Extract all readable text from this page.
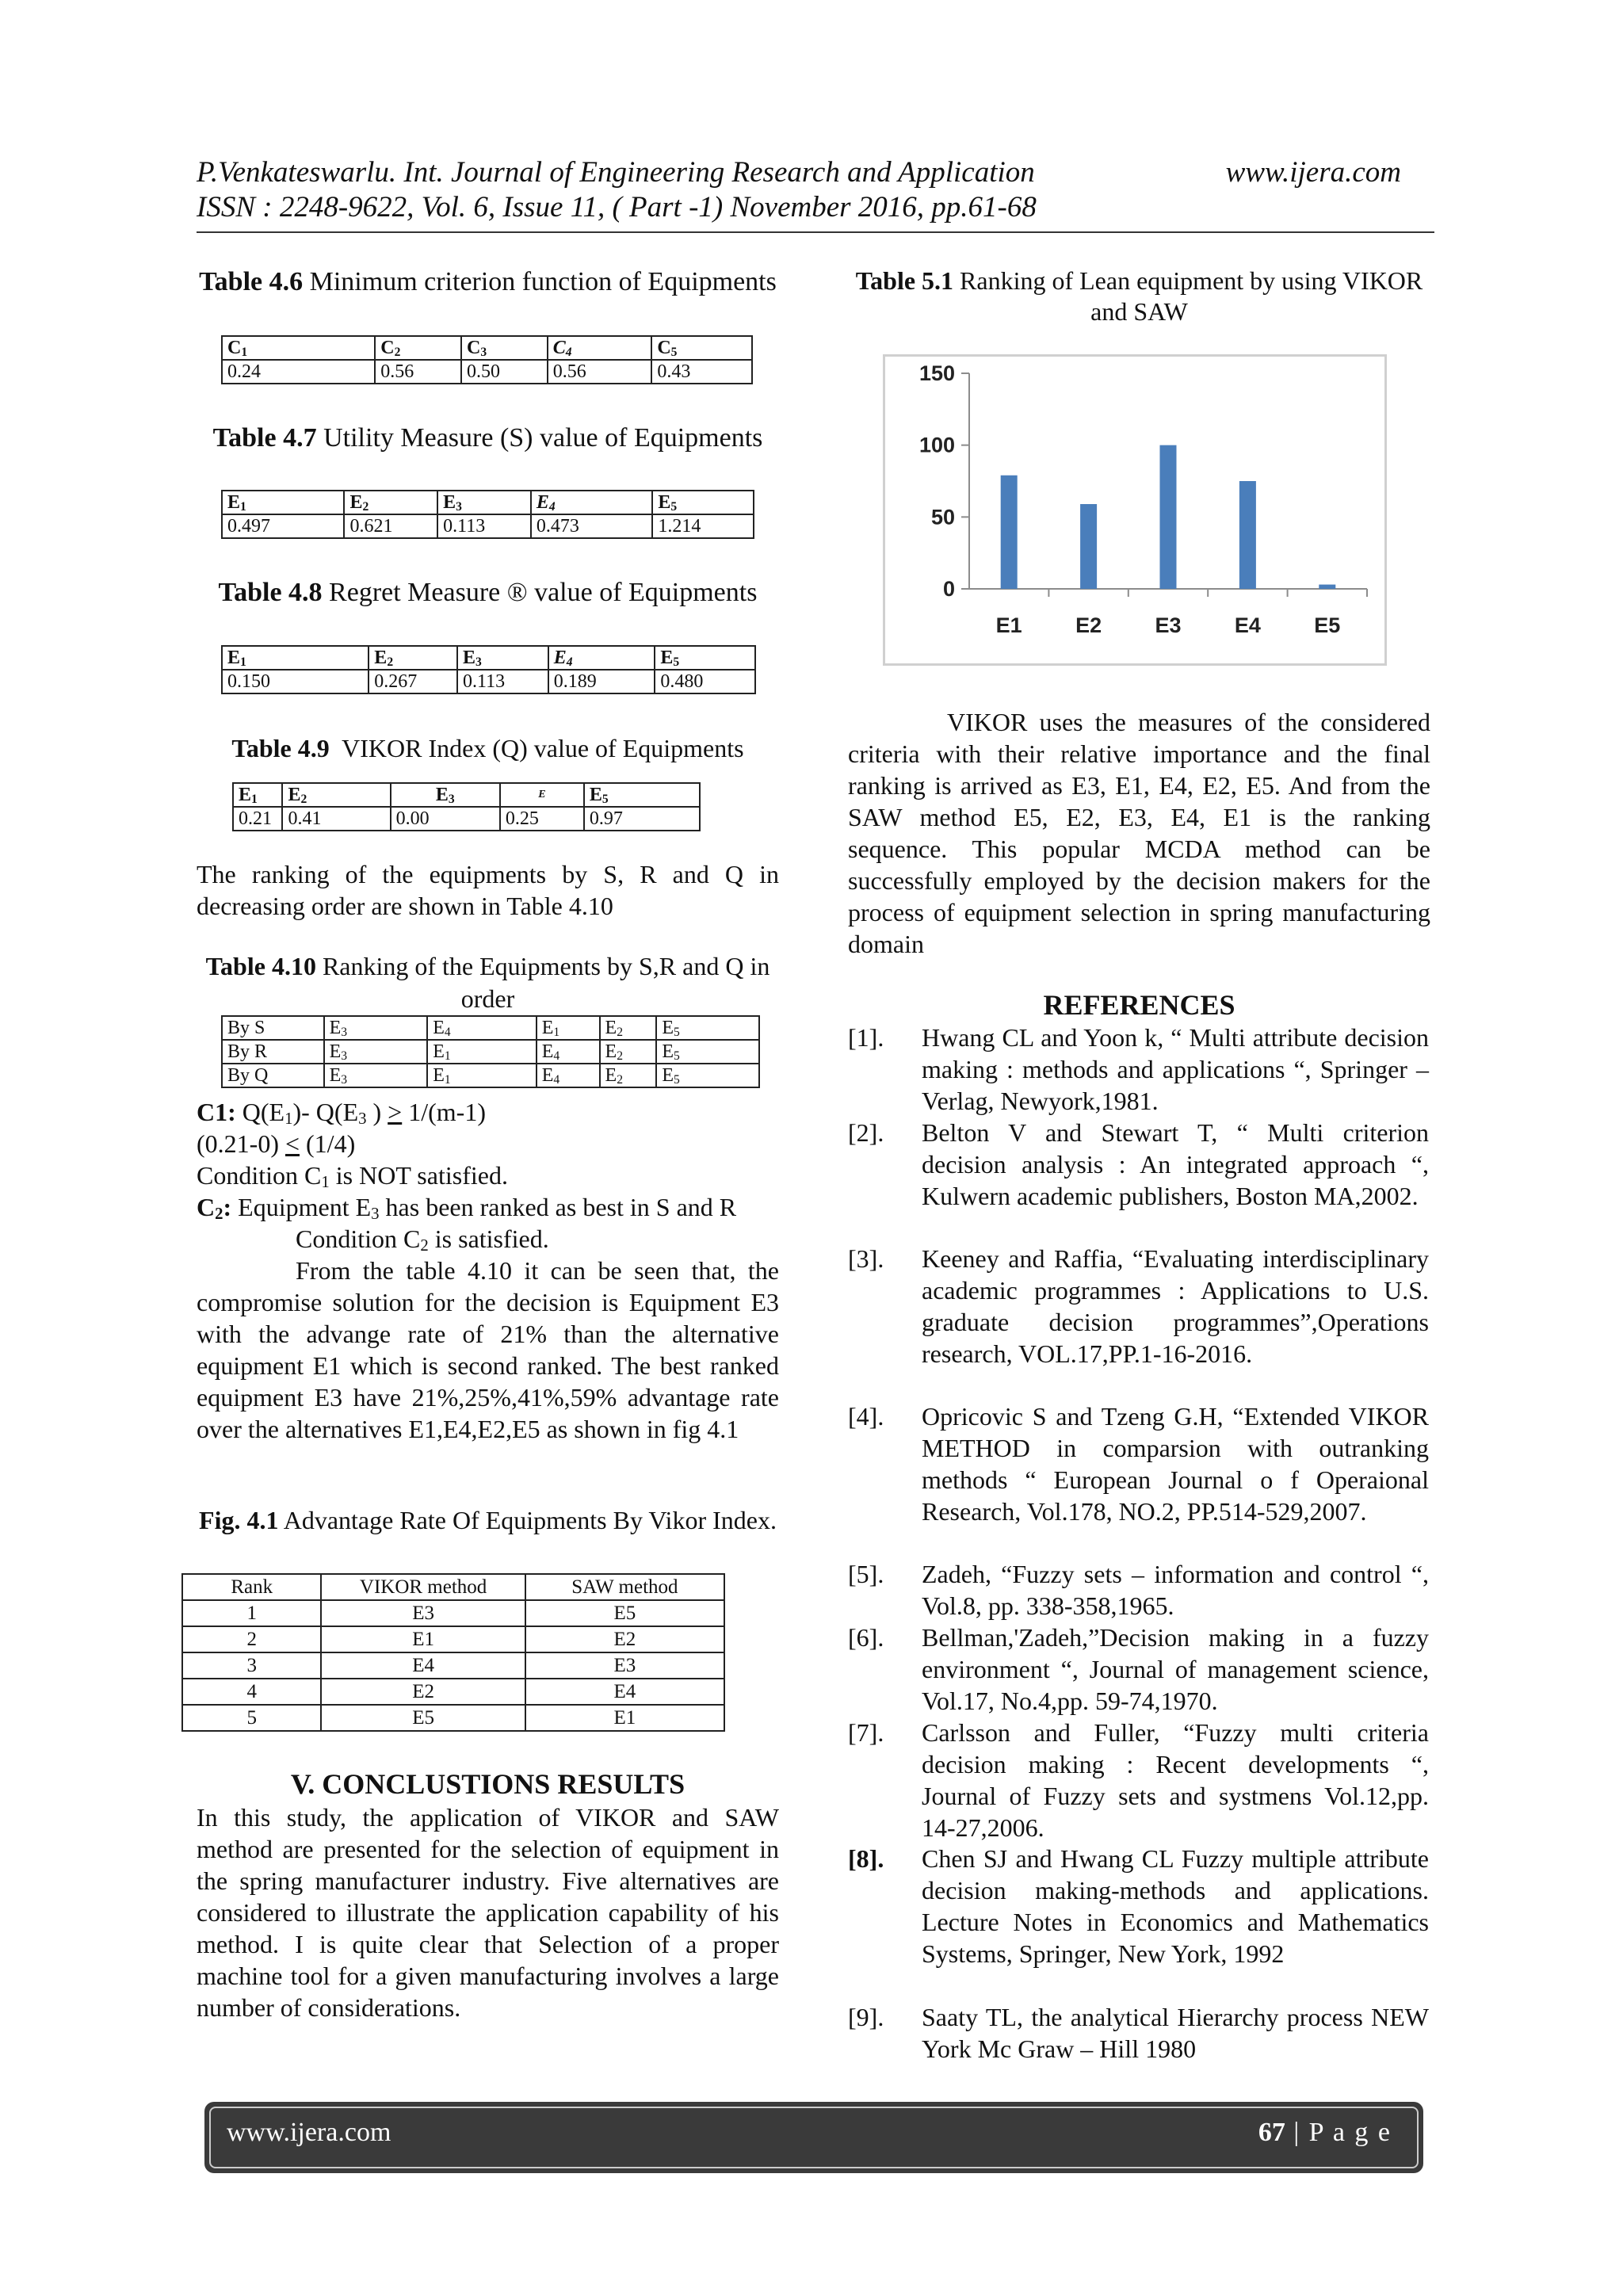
P.Venkateswarlu. Int. Journal of Engineering Research and Application	www.ijera.com
ISSN : 2248-9622, Vol. 6, Issue 11, ( Part -1) November 2016, pp.61-68
Table 4.6 Minimum criterion function of Equipments
$C_1$	$C_2$	$C_3$	$C_4$	$C_5$
0.24	0.56	0.50	0.56	0.43
Table 4.7 Utility Measure (S) value of Equipments
$E_1$	$E_2$	$E_3$	$E_4$	$E_5$
0.497	0.621	0.113	0.473	1.214
Table 4.8 Regret Measure ® value of Equipments
$E_1$	$E_2$	$E_3$	$E_4$	$E_5$
0.150	0.267	0.113	0.189	0.480
Table 4.9 VIKOR Index (Q) value of Equipments
$E_1$	$E_2$	$E_3$	E	$E_5$
0.21	0.41	0.00	0.25	0.97
The ranking of the equipments by S, R and Q in decreasing order are shown in Table 4.10
Table 4.10 Ranking of the Equipments by S,R and Q in order
By S	$E_3$	$E_4$	$E_1$	$E_2$	$E_5$
By R	$E_3$	$E_1$	$E_4$	$E_2$	$E_5$
By Q	$E_3$	$E_1$	$E_4$	$E_2$	$E_5$
C1: $Q(E_1)-$ $Q(E_3$ ) > 1/(m-1)
(0.21-0) < (1/4)
Condition $C_1$ is NOT satisfied.
$C_2$: Equipment $E_3$ has been ranked as best in S and R
Condition $C_2$ is satisfied.
From the table 4.10 it can be seen that, the compromise solution for the decision is Equipment E3 with the advange rate of 21% than the alternative equipment E1 which is second ranked. The best ranked equipment E3 have 21%,25%,41%,59% advantage rate over the alternatives E1,E4,E2,E5 as shown in fig 4.1
Fig. 4.1 Advantage Rate Of Equipments By Vikor Index.
Rank	VIKOR method	SAW method
1	E3	E5
2	E1	E2
3	E4	E3
4	E2	E4
5	E5	E1
V. CONCLUSTIONS RESULTS
In this study, the application of VIKOR and SAW method are presented for the selection of equipment in the spring manufacturer industry. Five alternatives are considered to illustrate the application capability of his method. I is quite clear that Selection of a proper machine tool for a given manufacturing involves a large number of considerations.
Table 5.1 Ranking of Lean equipment by using VIKOR and SAW
0
50
100
150
E1 E2 E3 E4 E5
VIKOR uses the measures of the considered criteria with their relative importance and the final ranking is arrived as E3, E1, E4, E2, E5. And from the SAW method E5, E2, E3, E4, E1 is the ranking sequence. This popular MCDA method can be successfully employed by the decision makers for the process of equipment selection in spring manufacturing domain
REFERENCES
[1]. Hwang CL and Yoon k, “ Multi attribute decision making : methods and applications “, Springer – Verlag, Newyork,1981.
[2]. Belton V and Stewart T, “ Multi criterion decision analysis : An integrated approach “, Kulwern academic publishers, Boston MA,2002.
[3]. Keeney and Raffia, “Evaluating interdisciplinary academic programmes : Applications to U.S. graduate decision programmes”,Operations research, VOL.17,PP.1-16-2016.
[4]. Opricovic S and Tzeng G.H, “Extended VIKOR METHOD in comparsion with outranking methods “ European Journal o f Operaional Research, Vol.178, NO.2, PP.514-529,2007.
[5]. Zadeh, “Fuzzy sets – information and control “, Vol.8, pp. 338-358,1965.
[6]. Bellman,'Zadeh,”Decision making in a fuzzy environment “, Journal of management science, Vol.17, No.4,pp. 59-74,1970.
[7]. Carlsson and Fuller, “Fuzzy multi criteria decision making : Recent developments “, Journal of Fuzzy sets and systmens Vol.12,pp. 14-27,2006.
[8]. Chen SJ and Hwang CL Fuzzy multiple attribute decision making-methods and applications. Lecture Notes in Economics and Mathematics Systems, Springer, New York, 1992
[9]. Saaty TL, the analytical Hierarchy process NEW York Mc Graw – Hill 1980
www.ijera.com	67 | P a g e
